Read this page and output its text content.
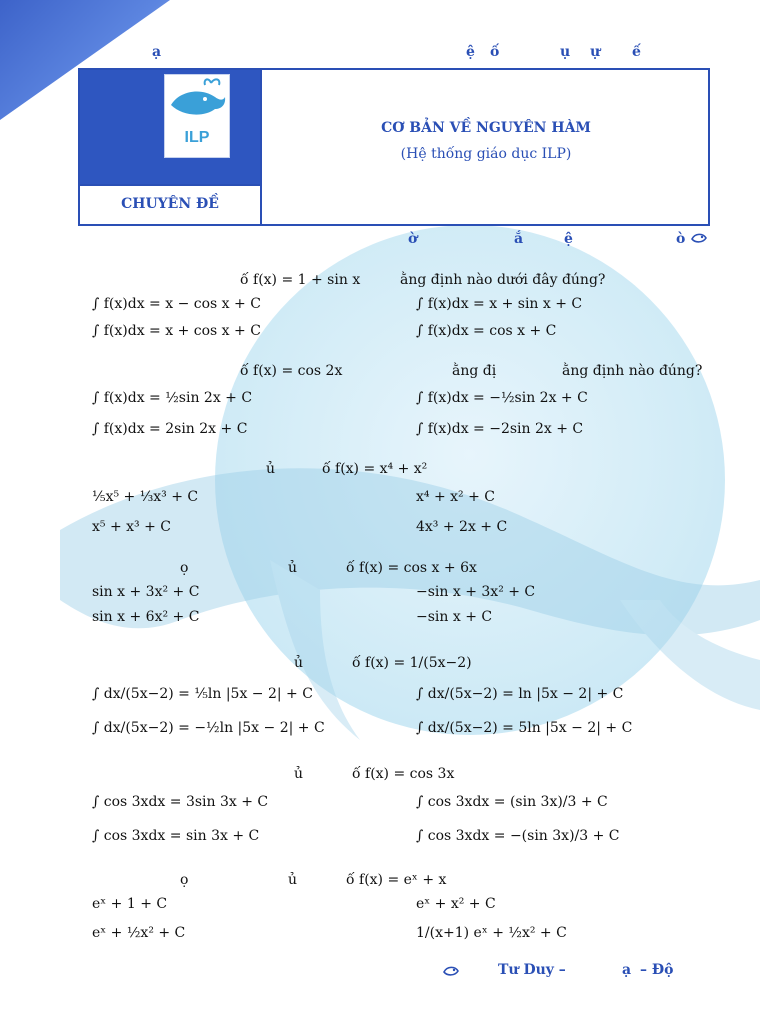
ạ	ệ ố	ụ ự ế
ILP
CHUYÊN ĐỀ
CƠ BẢN VỀ NGUYÊN HÀM
(Hệ thống giáo dục ILP)
ờ	ắ	ệ	ò
ố f(x) = 1 + sin x	ằng định nào dưới đây đúng?
∫ f(x)dx = x − cos x + C	∫ f(x)dx = x + sin x + C
∫ f(x)dx = x + cos x + C	∫ f(x)dx = cos x + C
ố f(x) = cos 2x	ằng đị	ằng định nào đúng?
∫ f(x)dx = ½sin 2x + C	∫ f(x)dx = −½sin 2x + C
∫ f(x)dx = 2sin 2x + C	∫ f(x)dx = −2sin 2x + C
ủ	ố f(x) = x⁴ + x²
⅕x⁵ + ⅓x³ + C	x⁴ + x² + C
x⁵ + x³ + C	4x³ + 2x + C
ọ	ủ	ố f(x) = cos x + 6x
sin x + 3x² + C	−sin x + 3x² + C
sin x + 6x² + C	−sin x + C
ủ	ố f(x) = 1/(5x−2)
∫ dx/(5x−2) = ⅕ln |5x − 2| + C	∫ dx/(5x−2) = ln |5x − 2| + C
∫ dx/(5x−2) = −½ln |5x − 2| + C	∫ dx/(5x−2) = 5ln |5x − 2| + C
ủ	ố f(x) = cos 3x
∫ cos 3xdx = 3sin 3x + C	∫ cos 3xdx = (sin 3x)/3 + C
∫ cos 3xdx = sin 3x + C	∫ cos 3xdx = −(sin 3x)/3 + C
ọ	ủ	ố f(x) = eˣ + x
eˣ + 1 + C	eˣ + x² + C
eˣ + ½x² + C	1/(x+1) eˣ + ½x² + C
Tư Duy –	ạ – Độ
